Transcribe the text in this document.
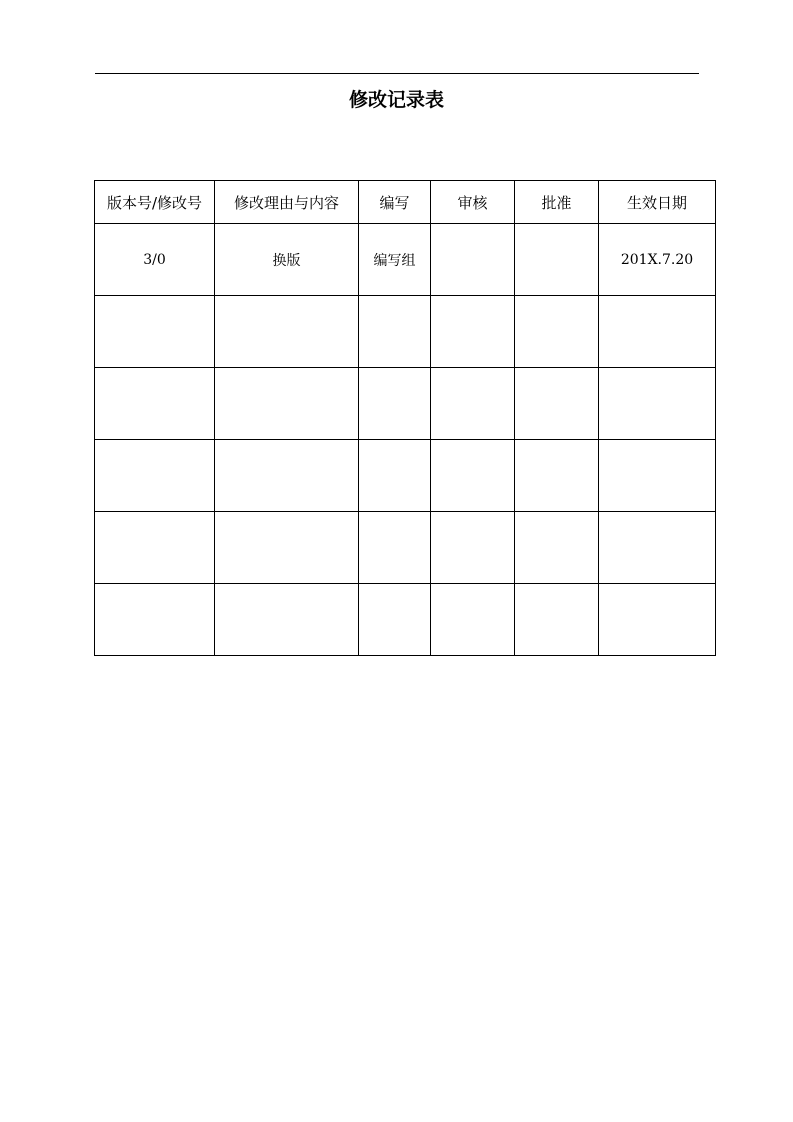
修改记录表
版本号/修改号	修改理由与内容	编写	审核	批准	生效日期
3/0	换版	编写组			201X.7.20
